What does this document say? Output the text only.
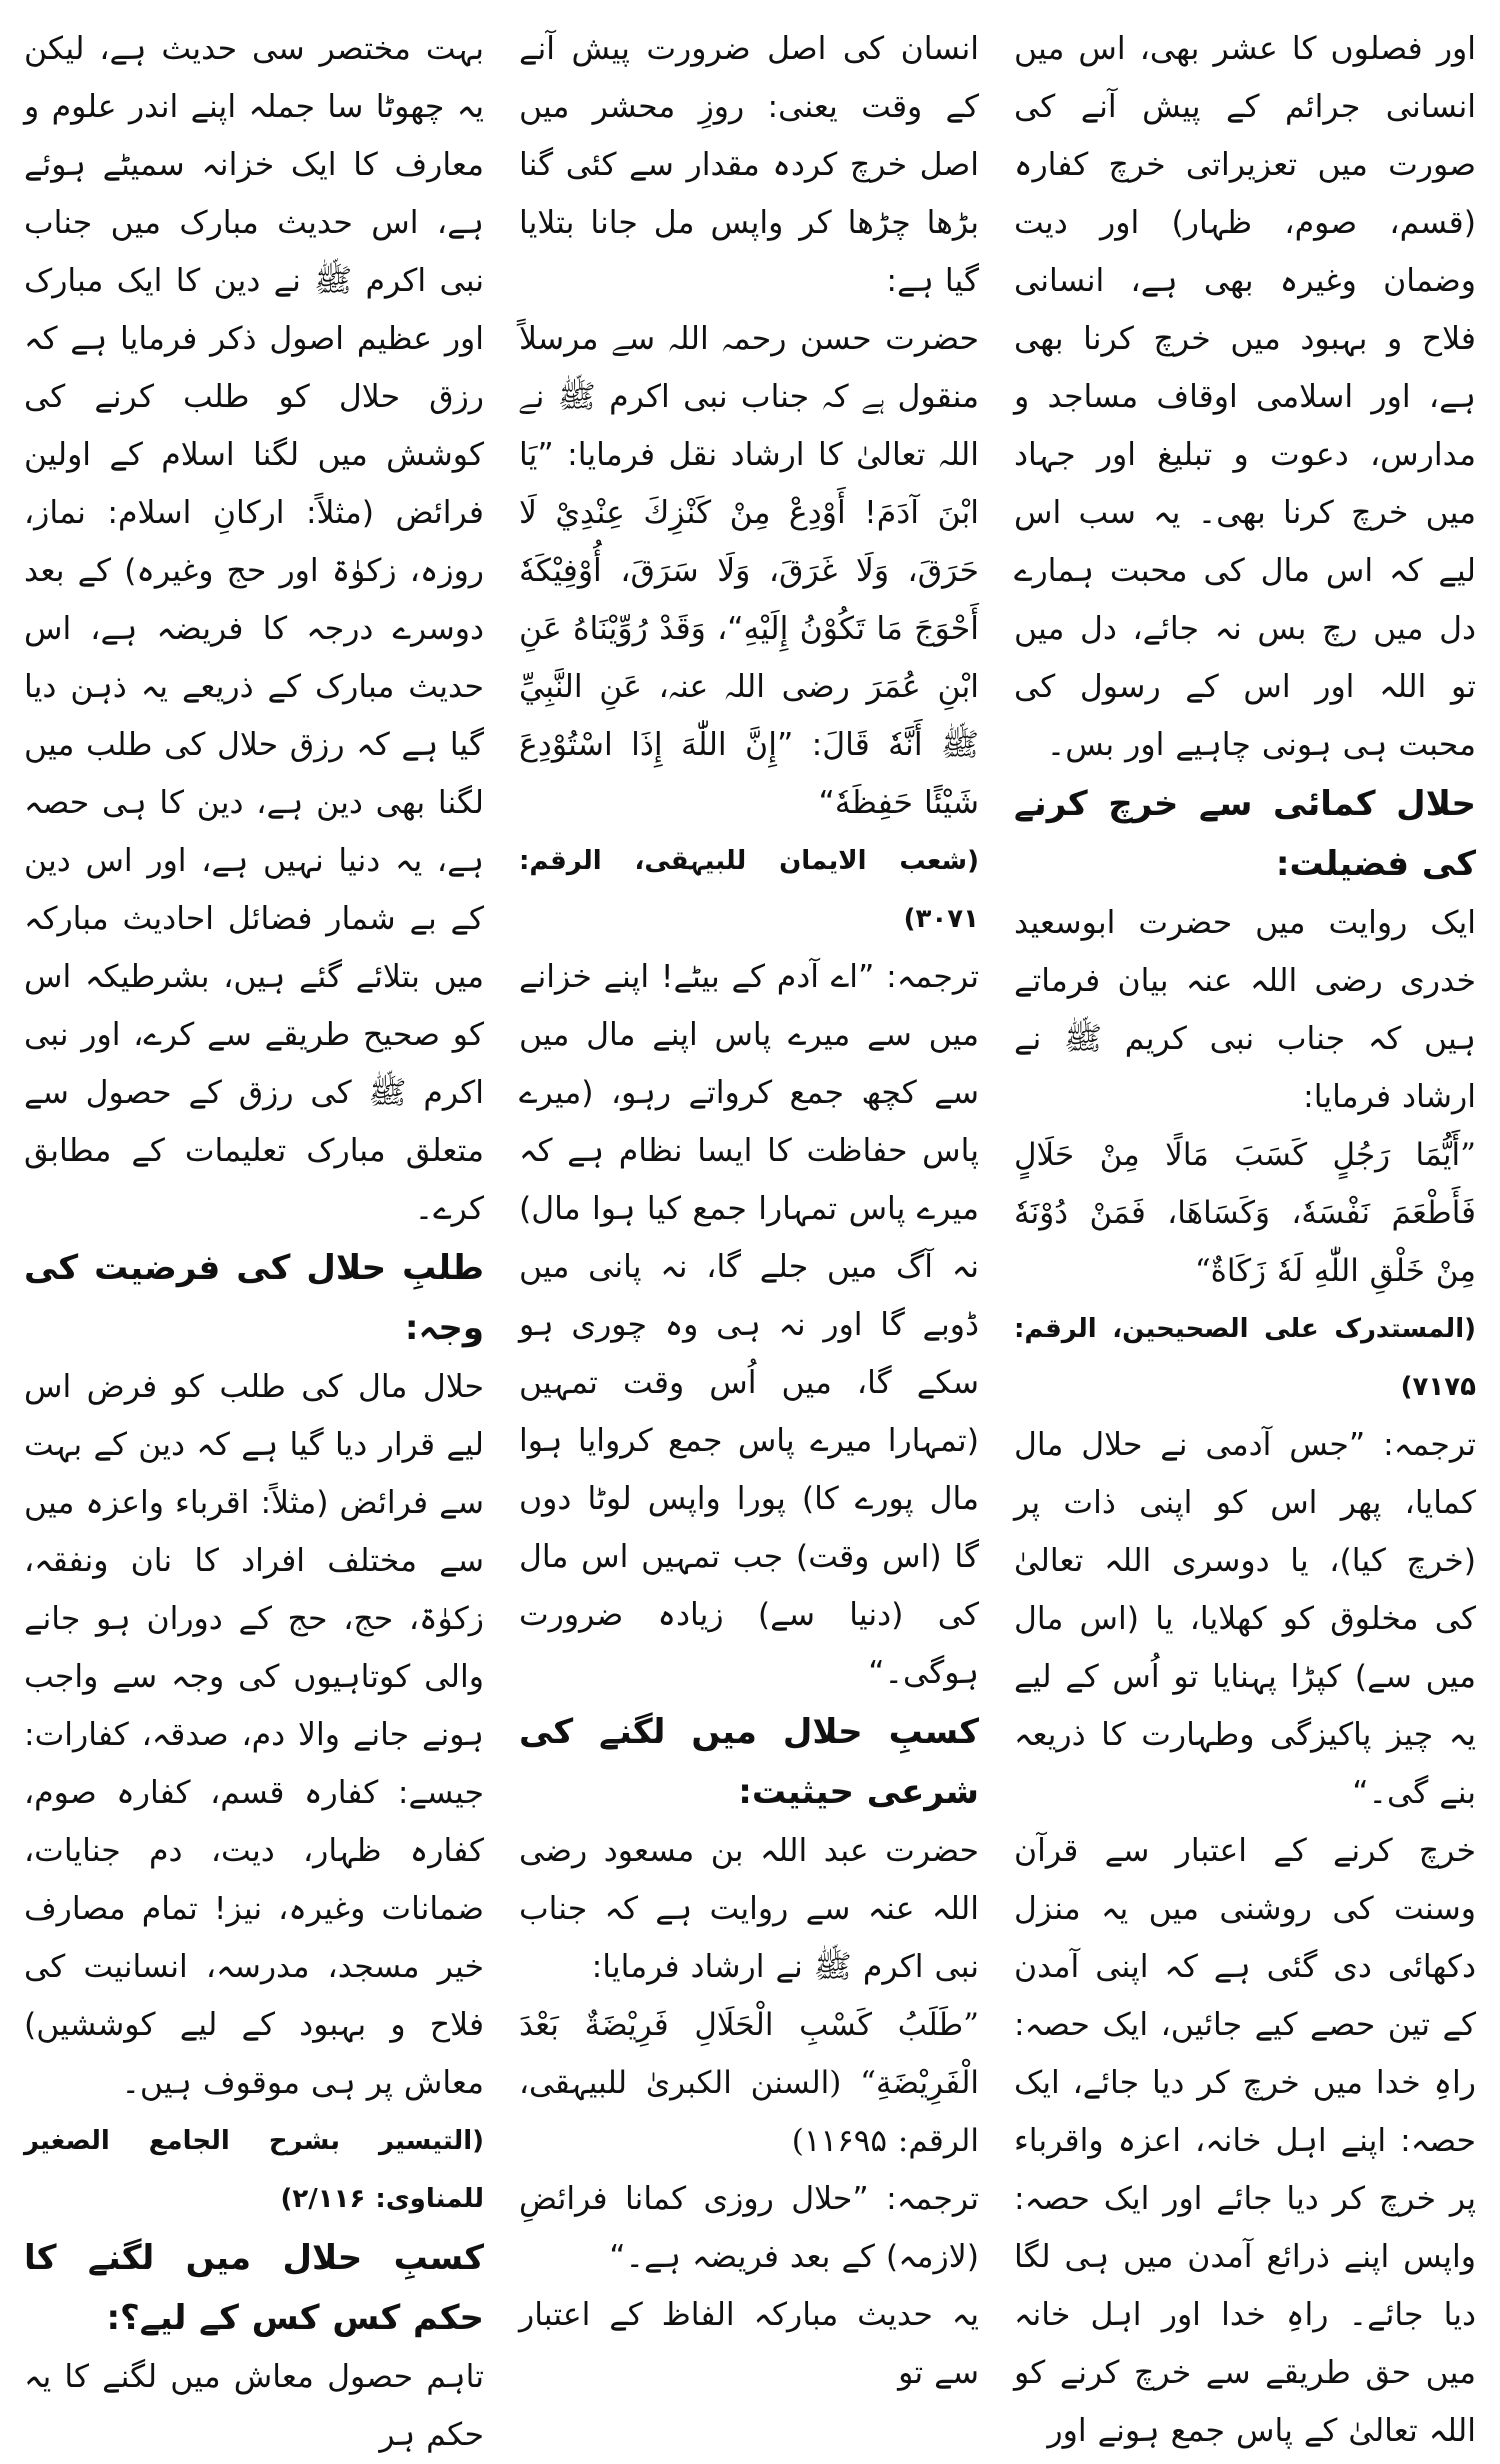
اور فصلوں کا عشر بھی، اس میں انسانی جرائم کے پیش آنے کی صورت میں تعزیراتی خرچ کفارہ (قسم، صوم، ظہار) اور دیت وضمان وغیرہ بھی ہے، انسانی فلاح و بہبود میں خرچ کرنا بھی ہے، اور اسلامی اوقاف مساجد و مدارس، دعوت و تبلیغ اور جہاد میں خرچ کرنا بھی۔ یہ سب اس لیے کہ اس مال کی محبت ہمارے دل میں رچ بس نہ جائے، دل میں تو اللہ اور اس کے رسول کی محبت ہی ہونی چاہیے اور بس۔

حلال کمائی سے خرچ کرنے کی فضیلت:

ایک روایت میں حضرت ابوسعید خدری رضی اللہ عنہ بیان فرماتے ہیں کہ جناب نبی کریم ﷺ نے ارشاد فرمایا:

”أَيُّمَا رَجُلٍ كَسَبَ مَالًا مِنْ حَلَالٍ فَأَطْعَمَ نَفْسَهٗ، وَكَسَاهَا، فَمَنْ دُوْنَهٗ مِنْ خَلْقِ اللّٰهِ لَهٗ زَكَاةٌ“

(المستدرک علی الصحیحین، الرقم: ۷۱۷۵)

ترجمہ: ”جس آدمی نے حلال مال کمایا، پھر اس کو اپنی ذات پر (خرچ کیا)، یا دوسری اللہ تعالیٰ کی مخلوق کو کھلایا، یا (اس مال میں سے) کپڑا پہنایا تو اُس کے لیے یہ چیز پاکیزگی وطہارت کا ذریعہ بنے گی۔“

خرچ کرنے کے اعتبار سے قرآن وسنت کی روشنی میں یہ منزل دکھائی دی گئی ہے کہ اپنی آمدن کے تین حصے کیے جائیں، ایک حصہ: راہِ خدا میں خرچ کر دیا جائے، ایک حصہ: اپنے اہل خانہ، اعزہ واقرباء پر خرچ کر دیا جائے اور ایک حصہ: واپس اپنے ذرائع آمدن میں ہی لگا دیا جائے۔ راہِ خدا اور اہل خانہ میں حق طریقے سے خرچ کرنے کو اللہ تعالیٰ کے پاس جمع ہونے اور

انسان کی اصل ضرورت پیش آنے کے وقت یعنی: روزِ محشر میں اصل خرچ کردہ مقدار سے کئی گنا بڑھا چڑھا کر واپس مل جانا بتلایا گیا ہے:

حضرت حسن رحمہ اللہ سے مرسلاً منقول ہے کہ جناب نبی اکرم ﷺ نے اللہ تعالیٰ کا ارشاد نقل فرمایا: ”يَا ابْنَ آدَمَ! أَوْدِعْ مِنْ كَنْزِكَ عِنْدِيْ لَا حَرَقَ، وَلَا غَرَقَ، وَلَا سَرَقَ، أُوْفِيْكَهٗ أَحْوَجَ مَا تَكُوْنُ إِلَيْهِ“، وَقَدْ رُوِّيْنَاهُ عَنِ ابْنِ عُمَرَ رضی اللہ عنہ، عَنِ النَّبِيِّ ﷺ أَنَّهٗ قَالَ: ”إِنَّ اللّٰهَ إِذَا اسْتُوْدِعَ شَيْئًا حَفِظَهٗ“

(شعب الایمان للبیہقی، الرقم: ۳۰۷۱)

ترجمہ: ”اے آدم کے بیٹے! اپنے خزانے میں سے میرے پاس اپنے مال میں سے کچھ جمع کرواتے رہو، (میرے پاس حفاظت کا ایسا نظام ہے کہ میرے پاس تمہارا جمع کیا ہوا مال) نہ آگ میں جلے گا، نہ پانی میں ڈوبے گا اور نہ ہی وہ چوری ہو سکے گا، میں اُس وقت تمہیں (تمہارا میرے پاس جمع کروایا ہوا مال پورے کا) پورا واپس لوٹا دوں گا (اس وقت) جب تمہیں اس مال کی (دنیا سے) زیادہ ضرورت ہوگی۔“

کسبِ حلال میں لگنے کی شرعی حیثیت:

حضرت عبد اللہ بن مسعود رضی اللہ عنہ سے روایت ہے کہ جناب نبی اکرم ﷺ نے ارشاد فرمایا:

”طَلَبُ كَسْبِ الْحَلَالِ فَرِيْضَةٌ بَعْدَ الْفَرِيْضَةِ“ (السنن الکبریٰ للبیہقی، الرقم: ۱۱۶۹۵)

ترجمہ: ”حلال روزی کمانا فرائضِ (لازمہ) کے بعد فریضہ ہے۔“

یہ حدیث مبارکہ الفاظ کے اعتبار سے تو

بہت مختصر سی حدیث ہے، لیکن یہ چھوٹا سا جملہ اپنے اندر علوم و معارف کا ایک خزانہ سمیٹے ہوئے ہے، اس حدیث مبارک میں جناب نبی اکرم ﷺ نے دین کا ایک مبارک اور عظیم اصول ذکر فرمایا ہے کہ رزق حلال کو طلب کرنے کی کوشش میں لگنا اسلام کے اولین فرائض (مثلاً: ارکانِ اسلام: نماز، روزہ، زکوٰۃ اور حج وغیرہ) کے بعد دوسرے درجہ کا فریضہ ہے، اس حدیث مبارک کے ذریعے یہ ذہن دیا گیا ہے کہ رزق حلال کی طلب میں لگنا بھی دین ہے، دین کا ہی حصہ ہے، یہ دنیا نہیں ہے، اور اس دین کے بے شمار فضائل احادیث مبارکہ میں بتلائے گئے ہیں، بشرطیکہ اس کو صحیح طریقے سے کرے، اور نبی اکرم ﷺ کی رزق کے حصول سے متعلق مبارک تعلیمات کے مطابق کرے۔

طلبِ حلال کی فرضیت کی وجہ:

حلال مال کی طلب کو فرض اس لیے قرار دیا گیا ہے کہ دین کے بہت سے فرائض (مثلاً: اقرباء واعزہ میں سے مختلف افراد کا نان ونفقہ، زکوٰۃ، حج، حج کے دوران ہو جانے والی کوتاہیوں کی وجہ سے واجب ہونے جانے والا دم، صدقہ، کفارات: جیسے: کفارہ قسم، کفارہ صوم، کفارہ ظہار، دیت، دم جنایات، ضمانات وغیرہ، نیز! تمام مصارف خیر مسجد، مدرسہ، انسانیت کی فلاح و بہبود کے لیے کوششیں) معاش پر ہی موقوف ہیں۔

(التیسیر بشرح الجامع الصغیر للمناوی: ۲/۱۱۶)

کسبِ حلال میں لگنے کا حکم کس کس کے لیے؟:

تاہم حصول معاش میں لگنے کا یہ حکم ہر
